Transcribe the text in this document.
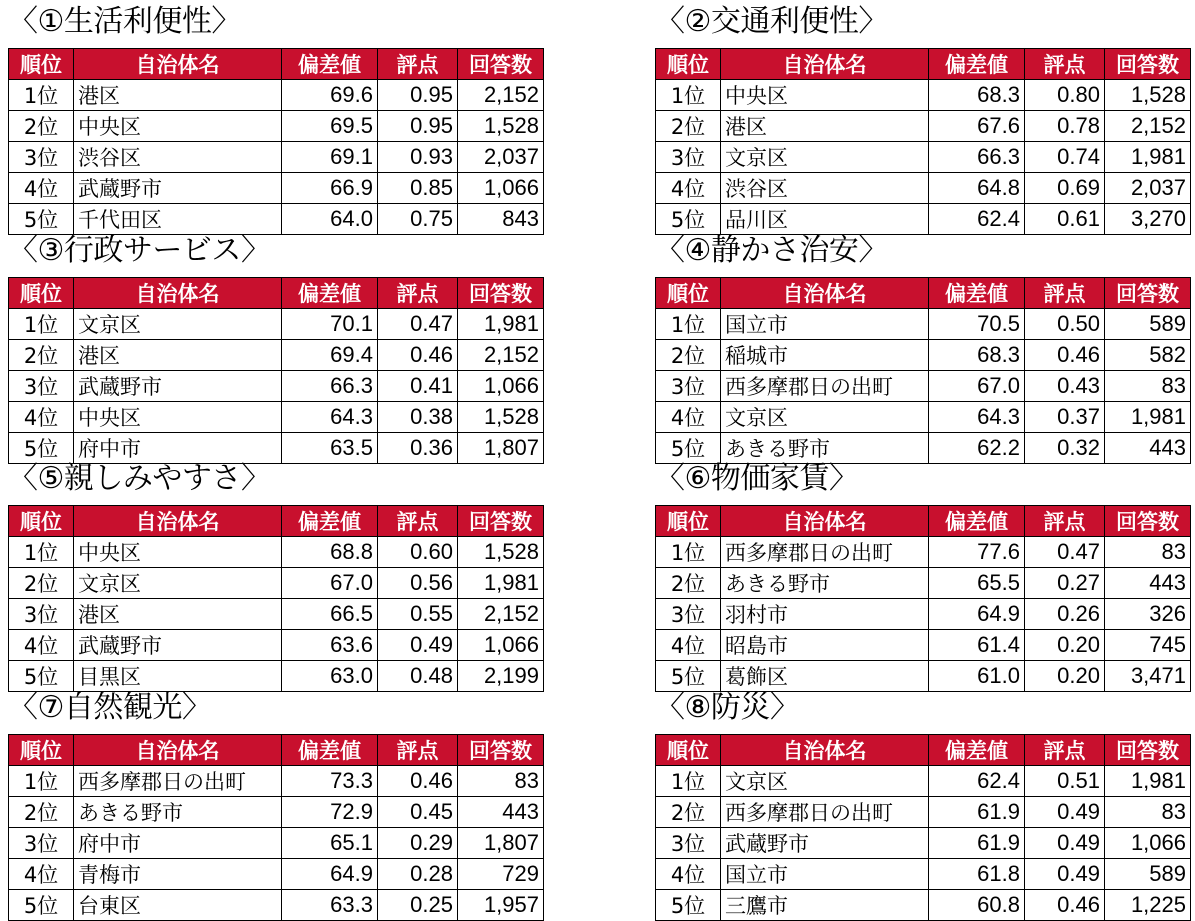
〈①生活利便性〉
順位	自治体名	偏差値	評点	回答数
1位	港区	69.6	0.95	2,152
2位	中央区	69.5	0.95	1,528
3位	渋谷区	69.1	0.93	2,037
4位	武蔵野市	66.9	0.85	1,066
5位	千代田区	64.0	0.75	843
〈②交通利便性〉
順位	自治体名	偏差値	評点	回答数
1位	中央区	68.3	0.80	1,528
2位	港区	67.6	0.78	2,152
3位	文京区	66.3	0.74	1,981
4位	渋谷区	64.8	0.69	2,037
5位	品川区	62.4	0.61	3,270
〈③行政サービス〉
順位	自治体名	偏差値	評点	回答数
1位	文京区	70.1	0.47	1,981
2位	港区	69.4	0.46	2,152
3位	武蔵野市	66.3	0.41	1,066
4位	中央区	64.3	0.38	1,528
5位	府中市	63.5	0.36	1,807
〈④静かさ治安〉
順位	自治体名	偏差値	評点	回答数
1位	国立市	70.5	0.50	589
2位	稲城市	68.3	0.46	582
3位	西多摩郡日の出町	67.0	0.43	83
4位	文京区	64.3	0.37	1,981
5位	あきる野市	62.2	0.32	443
〈⑤親しみやすさ〉
順位	自治体名	偏差値	評点	回答数
1位	中央区	68.8	0.60	1,528
2位	文京区	67.0	0.56	1,981
3位	港区	66.5	0.55	2,152
4位	武蔵野市	63.6	0.49	1,066
5位	目黒区	63.0	0.48	2,199
〈⑥物価家賃〉
順位	自治体名	偏差値	評点	回答数
1位	西多摩郡日の出町	77.6	0.47	83
2位	あきる野市	65.5	0.27	443
3位	羽村市	64.9	0.26	326
4位	昭島市	61.4	0.20	745
5位	葛飾区	61.0	0.20	3,471
〈⑦自然観光〉
順位	自治体名	偏差値	評点	回答数
1位	西多摩郡日の出町	73.3	0.46	83
2位	あきる野市	72.9	0.45	443
3位	府中市	65.1	0.29	1,807
4位	青梅市	64.9	0.28	729
5位	台東区	63.3	0.25	1,957
〈⑧防災〉
順位	自治体名	偏差値	評点	回答数
1位	文京区	62.4	0.51	1,981
2位	西多摩郡日の出町	61.9	0.49	83
3位	武蔵野市	61.9	0.49	1,066
4位	国立市	61.8	0.49	589
5位	三鷹市	60.8	0.46	1,225
